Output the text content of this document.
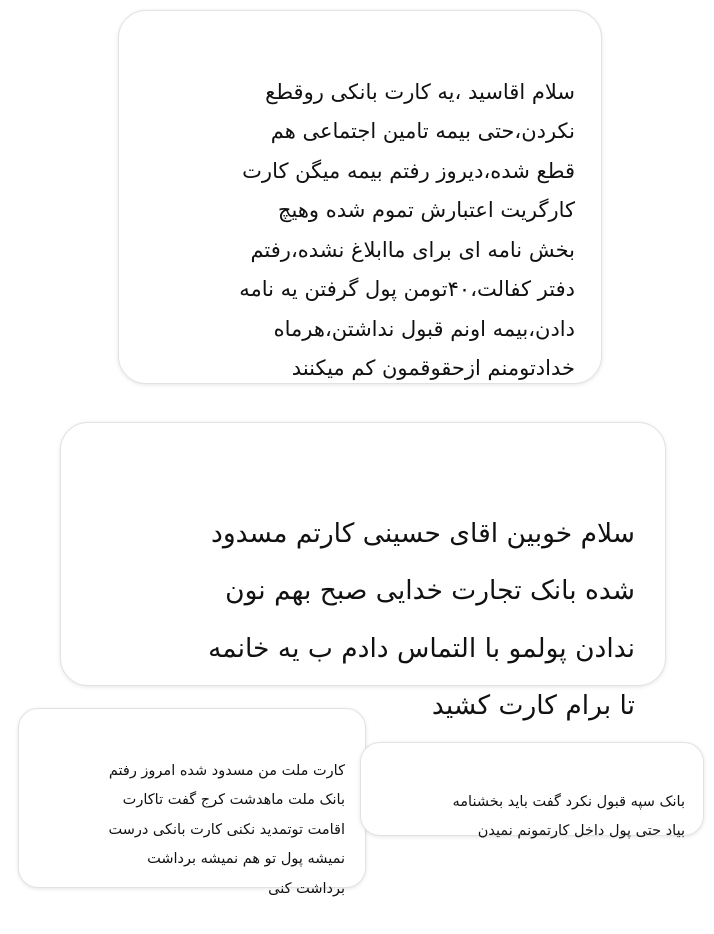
سلام اقاسید ،یه کارت بانکی روقطع
نکردن،حتی بیمه تامین اجتماعی هم
قطع شده،دیروز رفتم بیمه میگن کارت
کارگریت اعتبارش تموم شده وهیچ
بخش نامه ای برای ماابلاغ نشده،رفتم
دفتر کفالت،۴۰تومن پول گرفتن یه نامه
دادن،بیمه اونم قبول نداشتن،هرماه
خدادتومنم ازحقوقمون کم میکنند

سلام خوبین اقای حسینی کارتم مسدود
شده بانک تجارت خدایی صبح بهم نون
ندادن پولمو با التماس دادم ب یه خانمه
تا برام کارت کشید

کارت ملت من مسدود شده امروز رفتم
بانک ملت ماهدشت کرج گفت تاکارت
اقامت توتمدید نکنی کارت بانکی درست
نمیشه پول تو هم نمیشه برداشت
برداشت کنی

بانک سپه قبول نکرد گفت باید بخشنامه
بیاد حتی پول داخل کارتمونم نمیدن
